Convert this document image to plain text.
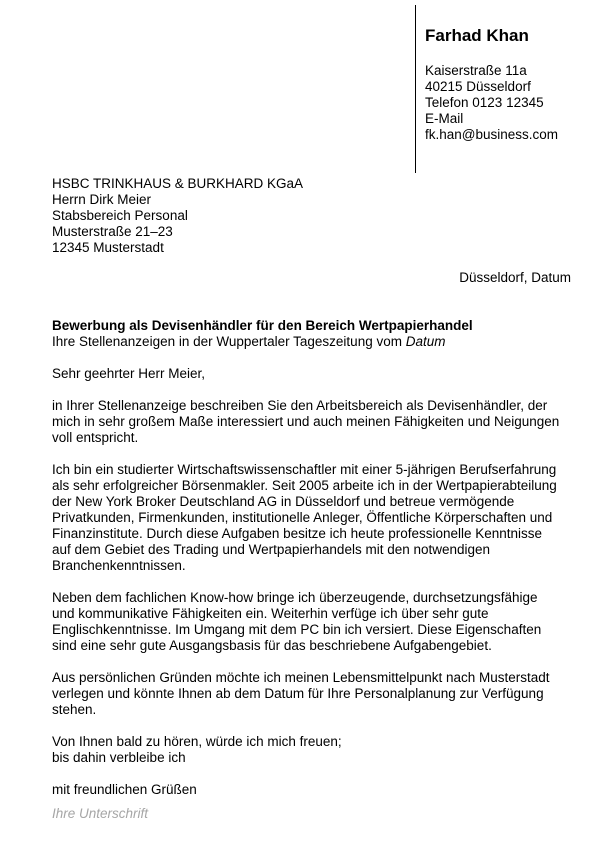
Farhad Khan
Kaiserstraße 11a
40215 Düsseldorf
Telefon 0123 12345
E-Mail
fk.han@business.com
HSBC TRINKHAUS & BURKHARD KGaA
Herrn Dirk Meier
Stabsbereich Personal
Musterstraße 21–23
12345 Musterstadt
Düsseldorf, Datum
Bewerbung als Devisenhändler für den Bereich Wertpapierhandel
Ihre Stellenanzeigen in der Wuppertaler Tageszeitung vom Datum
Sehr geehrter Herr Meier,
in Ihrer Stellenanzeige beschreiben Sie den Arbeitsbereich als Devisenhändler, der
mich in sehr großem Maße interessiert und auch meinen Fähigkeiten und Neigungen
voll entspricht.
Ich bin ein studierter Wirtschaftswissenschaftler mit einer 5-jährigen Berufserfahrung
als sehr erfolgreicher Börsenmakler. Seit 2005 arbeite ich in der Wertpapierabteilung
der New York Broker Deutschland AG in Düsseldorf und betreue vermögende
Privatkunden, Firmenkunden, institutionelle Anleger, Öffentliche Körperschaften und
Finanzinstitute. Durch diese Aufgaben besitze ich heute professionelle Kenntnisse
auf dem Gebiet des Trading und Wertpapierhandels mit den notwendigen
Branchenkenntnissen.
Neben dem fachlichen Know-how bringe ich überzeugende, durchsetzungsfähige
und kommunikative Fähigkeiten ein. Weiterhin verfüge ich über sehr gute
Englischkenntnisse. Im Umgang mit dem PC bin ich versiert. Diese Eigenschaften
sind eine sehr gute Ausgangsbasis für das beschriebene Aufgabengebiet.
Aus persönlichen Gründen möchte ich meinen Lebensmittelpunkt nach Musterstadt
verlegen und könnte Ihnen ab dem Datum für Ihre Personalplanung zur Verfügung
stehen.
Von Ihnen bald zu hören, würde ich mich freuen;
bis dahin verbleibe ich
mit freundlichen Grüßen
Ihre Unterschrift
